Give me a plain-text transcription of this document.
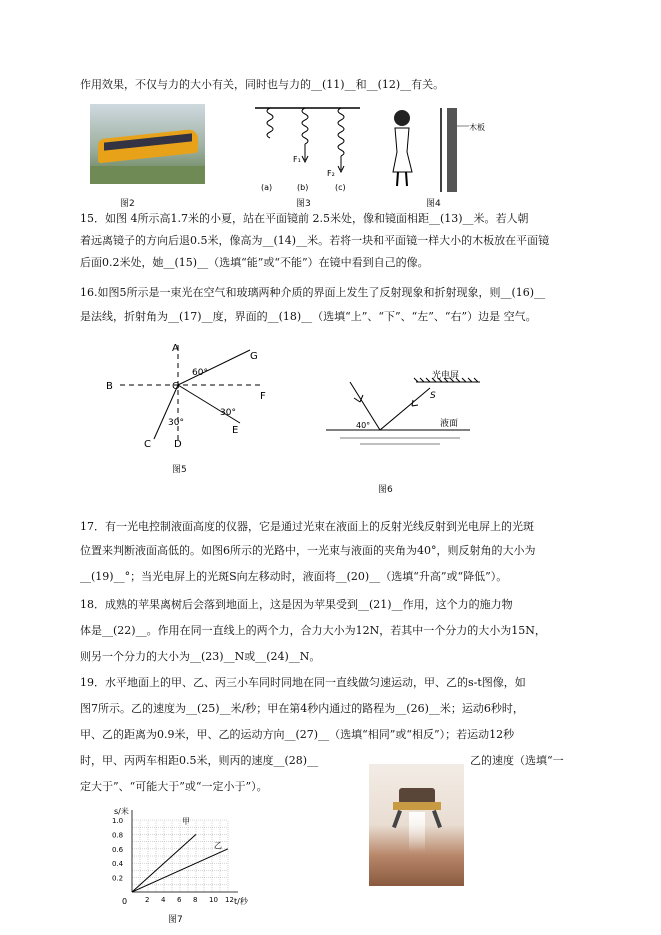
作用效果，不仅与力的大小有关，同时也与力的__(11)__和__(12)__有关。
图2
F₁
F₂
(a)	(b)	(c)
图3
木板
图4
15．如图 4所示高1.7米的小夏，站在平面镜前 2.5米处，像和镜面相距__(13)__米。若人朝
着远离镜子的方向后退0.5米，像高为__(14)__米。若将一块和平面镜一样大小的木板放在平面镜
后面0.2米处，她__(15)__（选填“能”或“不能”）在镜中看到自己的像。
16.如图5所示是一束光在空气和玻璃两种介质的界面上发生了反射现象和折射现象，则__(16)__
是法线，折射角为__(17)__度，界面的__(18)__（选填“上”、“下”、“左”、“右”）边是 空气。
A
B	O
F
G
E
C D
60°
30°
30°
图5
光电屏
S
液面
40°
图6
17．有一光电控制液面高度的仪器，它是通过光束在液面上的反射光线反射到光电屏上的光斑
位置来判断液面高低的。如图6所示的光路中，一光束与液面的夹角为40°，则反射角的大小为
__(19)__°；当光电屏上的光斑S向左移动时，液面将__(20)__（选填“升高”或“降低”）。
18．成熟的苹果离树后会落到地面上，这是因为苹果受到__(21)__作用，这个力的施力物
体是__(22)__。作用在同一直线上的两个力，合力大小为12N，若其中一个分力的大小为15N，
则另一个分力的大小为__(23)__N或__(24)__N。
19．水平地面上的甲、乙、丙三小车同时同地在同一直线做匀速运动，甲、乙的s-t图像，如
图7所示。乙的速度为__(25)__米/秒；甲在第4秒内通过的路程为__(26)__米；运动6秒时，
甲、乙的距离为0.9米，甲、乙的运动方向__(27)__（选填“相同”或“相反”）；若运动12秒
时，甲、丙两车相距0.5米，则丙的速度__(28)__	乙的速度（选填“一
定大于”、“可能大于”或“一定小于”）。
s/米
t/秒
0
0.2
0.4
0.6
0.8
1.0
2 4 6 8 10 12
甲
乙
图7
